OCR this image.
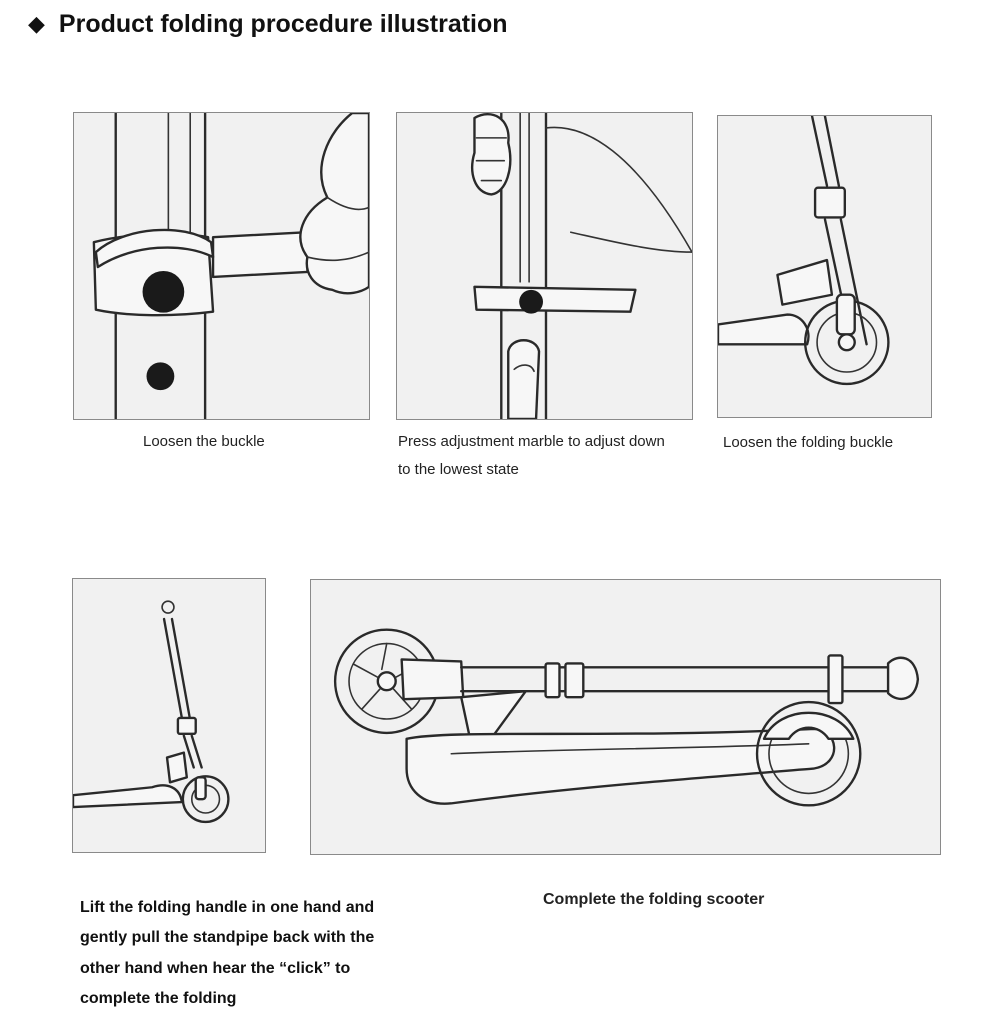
◆ Product folding procedure illustration
Loosen the buckle	Press adjustment marble to adjust down
to the lowest state
Loosen the folding buckle
Lift the folding handle in one hand and
gently pull the standpipe back with the
other hand when hear the “click” to
complete the folding
Complete the folding scooter
